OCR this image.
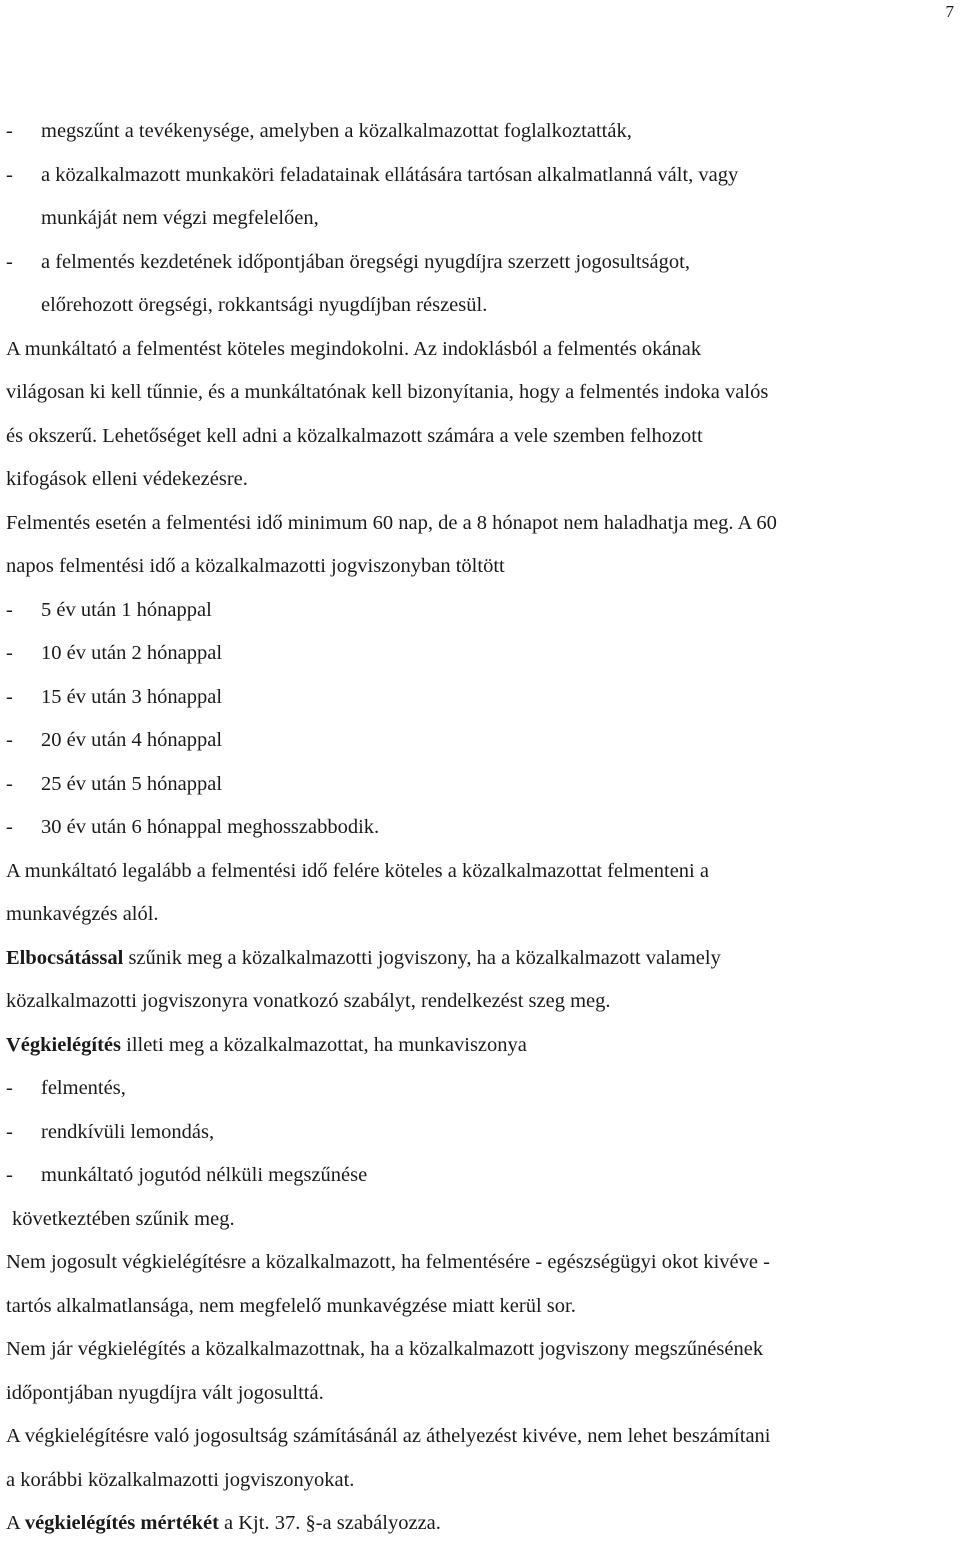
7
- megszűnt a tevékenysége, amelyben a közalkalmazottat foglalkoztatták,
- a közalkalmazott munkaköri feladatainak ellátására tartósan alkalmatlanná vált, vagy
munkáját nem végzi megfelelően,
- a felmentés kezdetének időpontjában öregségi nyugdíjra szerzett jogosultságot,
előrehozott öregségi, rokkantsági nyugdíjban részesül.
A munkáltató a felmentést köteles megindokolni. Az indoklásból a felmentés okának
világosan ki kell tűnnie, és a munkáltatónak kell bizonyítania, hogy a felmentés indoka valós
és okszerű. Lehetőséget kell adni a közalkalmazott számára a vele szemben felhozott
kifogások elleni védekezésre.
Felmentés esetén a felmentési idő minimum 60 nap, de a 8 hónapot nem haladhatja meg. A 60
napos felmentési idő a közalkalmazotti jogviszonyban töltött
- 5 év után 1 hónappal
- 10 év után 2 hónappal
- 15 év után 3 hónappal
- 20 év után 4 hónappal
- 25 év után 5 hónappal
- 30 év után 6 hónappal meghosszabbodik.
A munkáltató legalább a felmentési idő felére köteles a közalkalmazottat felmenteni a
munkavégzés alól.
Elbocsátással szűnik meg a közalkalmazotti jogviszony, ha a közalkalmazott valamely
közalkalmazotti jogviszonyra vonatkozó szabályt, rendelkezést szeg meg.
Végkielégítés illeti meg a közalkalmazottat, ha munkaviszonya
- felmentés,
- rendkívüli lemondás,
- munkáltató jogutód nélküli megszűnése
következtében szűnik meg.
Nem jogosult végkielégítésre a közalkalmazott, ha felmentésére - egészségügyi okot kivéve -
tartós alkalmatlansága, nem megfelelő munkavégzése miatt kerül sor.
Nem jár végkielégítés a közalkalmazottnak, ha a közalkalmazott jogviszony megszűnésének
időpontjában nyugdíjra vált jogosulttá.
A végkielégítésre való jogosultság számításánál az áthelyezést kivéve, nem lehet beszámítani
a korábbi közalkalmazotti jogviszonyokat.
A végkielégítés mértékét a Kjt. 37. §-a szabályozza.
